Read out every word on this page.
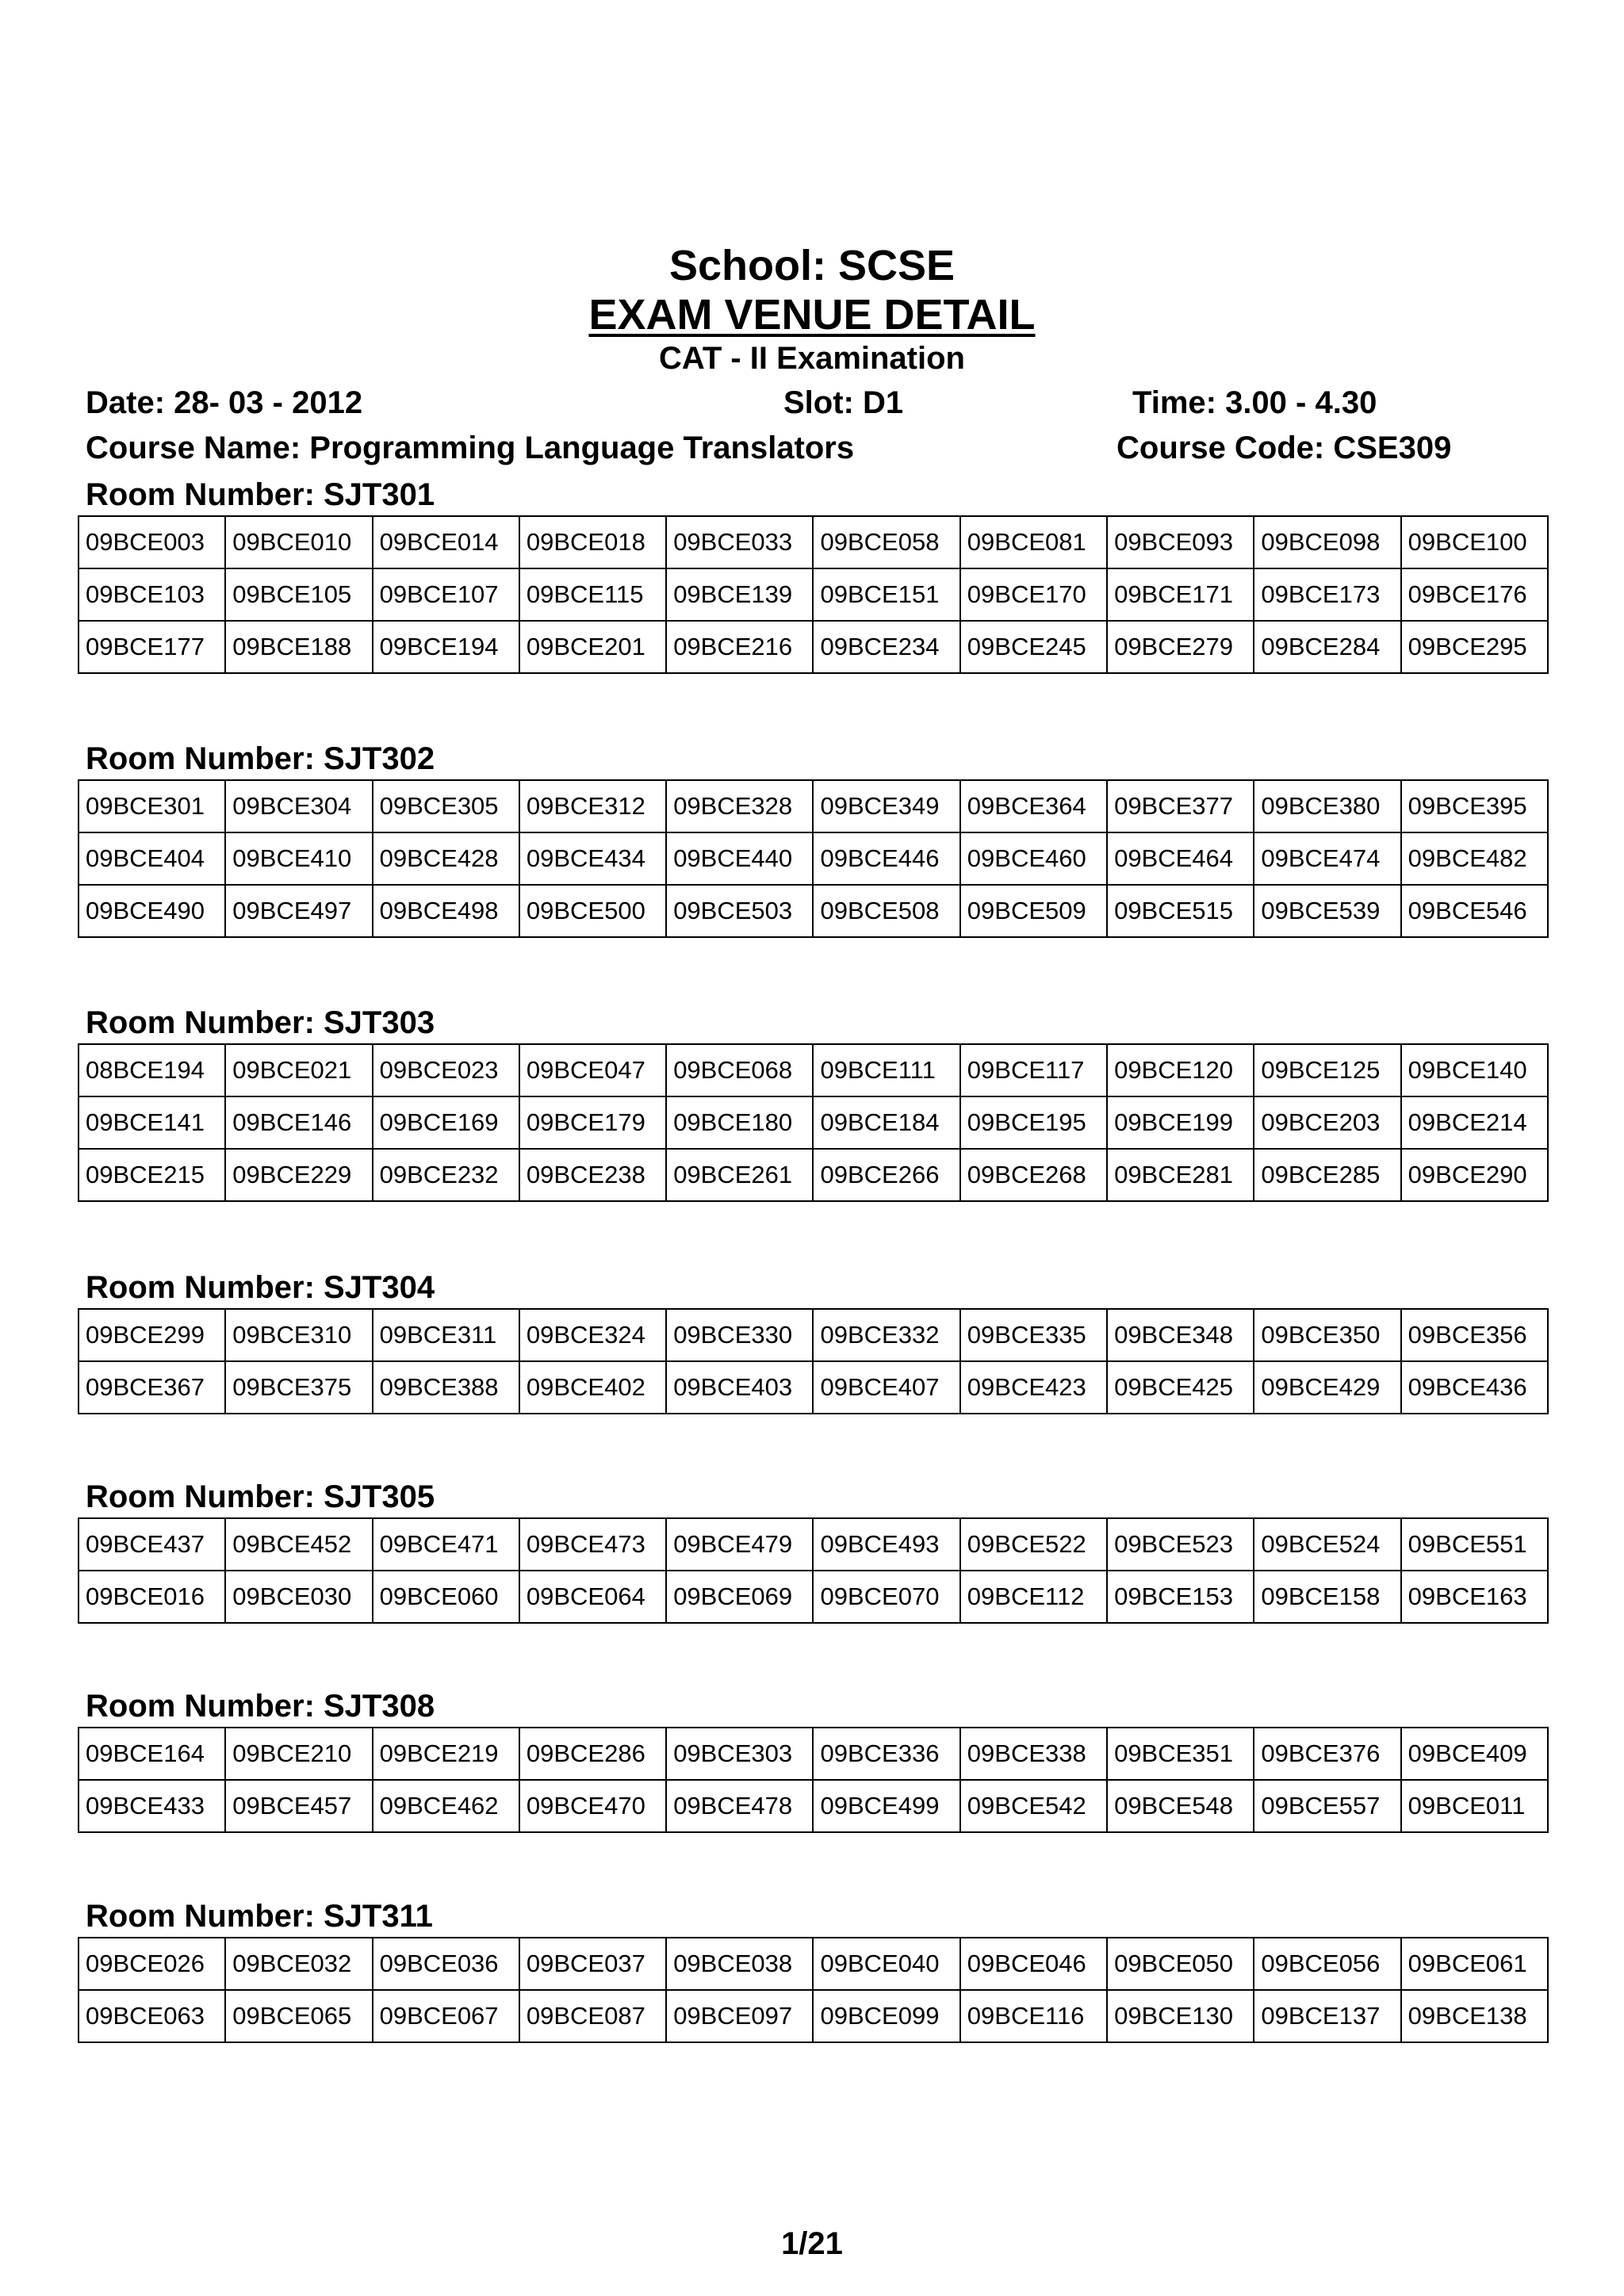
School: SCSE
EXAM VENUE DETAIL
CAT - II Examination
Date: 28- 03 - 2012	Slot: D1	Time: 3.00 - 4.30
Course Name: Programming Language Translators	Course Code: CSE309
Room Number: SJT301
09BCE003	09BCE010	09BCE014	09BCE018	09BCE033	09BCE058	09BCE081	09BCE093	09BCE098	09BCE100
09BCE103	09BCE105	09BCE107	09BCE115	09BCE139	09BCE151	09BCE170	09BCE171	09BCE173	09BCE176
09BCE177	09BCE188	09BCE194	09BCE201	09BCE216	09BCE234	09BCE245	09BCE279	09BCE284	09BCE295
Room Number: SJT302
09BCE301	09BCE304	09BCE305	09BCE312	09BCE328	09BCE349	09BCE364	09BCE377	09BCE380	09BCE395
09BCE404	09BCE410	09BCE428	09BCE434	09BCE440	09BCE446	09BCE460	09BCE464	09BCE474	09BCE482
09BCE490	09BCE497	09BCE498	09BCE500	09BCE503	09BCE508	09BCE509	09BCE515	09BCE539	09BCE546
Room Number: SJT303
08BCE194	09BCE021	09BCE023	09BCE047	09BCE068	09BCE111	09BCE117	09BCE120	09BCE125	09BCE140
09BCE141	09BCE146	09BCE169	09BCE179	09BCE180	09BCE184	09BCE195	09BCE199	09BCE203	09BCE214
09BCE215	09BCE229	09BCE232	09BCE238	09BCE261	09BCE266	09BCE268	09BCE281	09BCE285	09BCE290
Room Number: SJT304
09BCE299	09BCE310	09BCE311	09BCE324	09BCE330	09BCE332	09BCE335	09BCE348	09BCE350	09BCE356
09BCE367	09BCE375	09BCE388	09BCE402	09BCE403	09BCE407	09BCE423	09BCE425	09BCE429	09BCE436
Room Number: SJT305
09BCE437	09BCE452	09BCE471	09BCE473	09BCE479	09BCE493	09BCE522	09BCE523	09BCE524	09BCE551
09BCE016	09BCE030	09BCE060	09BCE064	09BCE069	09BCE070	09BCE112	09BCE153	09BCE158	09BCE163
Room Number: SJT308
09BCE164	09BCE210	09BCE219	09BCE286	09BCE303	09BCE336	09BCE338	09BCE351	09BCE376	09BCE409
09BCE433	09BCE457	09BCE462	09BCE470	09BCE478	09BCE499	09BCE542	09BCE548	09BCE557	09BCE011
Room Number: SJT311
09BCE026	09BCE032	09BCE036	09BCE037	09BCE038	09BCE040	09BCE046	09BCE050	09BCE056	09BCE061
09BCE063	09BCE065	09BCE067	09BCE087	09BCE097	09BCE099	09BCE116	09BCE130	09BCE137	09BCE138
1/21
